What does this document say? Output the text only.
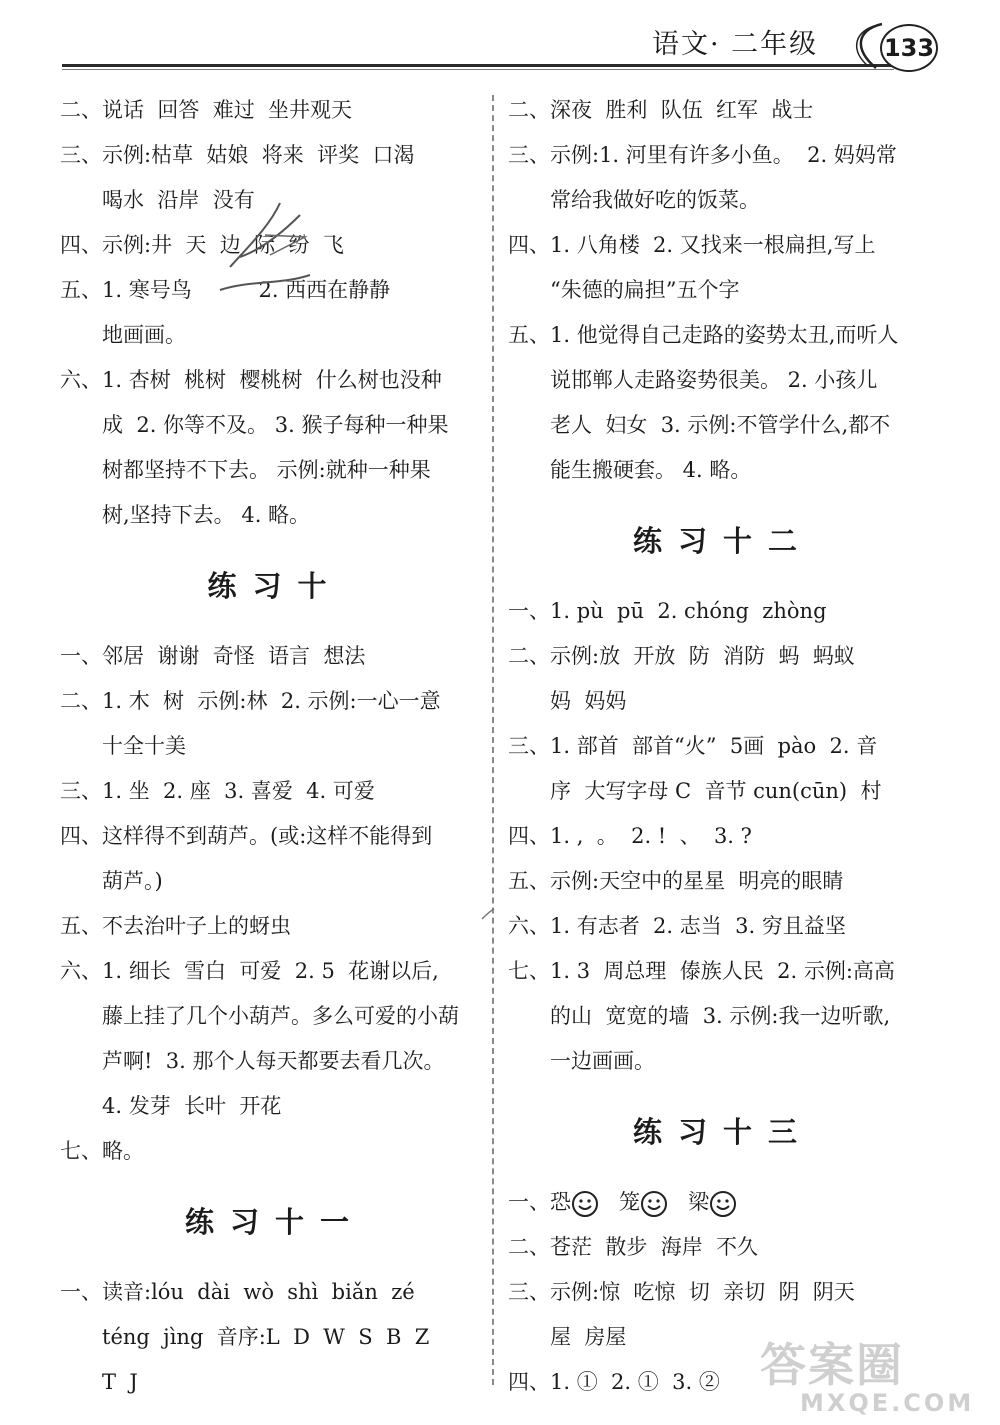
语文· 二年级	133
二、说话  回答  难过  坐井观天
三、示例:枯草  姑娘  将来  评奖  口渴
喝水  沿岸  没有
四、示例:井  天  边  际  纷  飞
五、1. 寒号鸟          2. 西西在静静
地画画。
六、1. 杏树  桃树  樱桃树  什么树也没种
成  2. 你等不及。 3. 猴子每种一种果
树都坚持不下去。 示例:就种一种果
树,坚持下去。 4. 略。
练习十
一、邻居  谢谢  奇怪  语言  想法
二、1. 木  树  示例:林  2. 示例:一心一意
十全十美
三、1. 坐  2. 座  3. 喜爱  4. 可爱
四、这样得不到葫芦。(或:这样不能得到
葫芦。)
五、不去治叶子上的蚜虫
六、1. 细长  雪白  可爱  2. 5  花谢以后,
藤上挂了几个小葫芦。多么可爱的小葫
芦啊!  3. 那个人每天都要去看几次。
4. 发芽  长叶  开花
七、略。
练习十一
一、读音:lóu  dài  wò  shì  biǎn  zé
téng  jìng  音序:L  D  W  S  B  Z
T  J
二、深夜  胜利  队伍  红军  战士
三、示例:1. 河里有许多小鱼。  2. 妈妈常
常给我做好吃的饭菜。
四、1. 八角楼  2. 又找来一根扁担,写上
“朱德的扁担”五个字
五、1. 他觉得自己走路的姿势太丑,而听人
说邯郸人走路姿势很美。 2. 小孩儿
老人  妇女  3. 示例:不管学什么,都不
能生搬硬套。 4. 略。
练习十二
一、1. pù  pū  2. chóng  zhòng
二、示例:放  开放  防  消防  蚂  蚂蚁
妈  妈妈
三、1. 部首  部首“火”  5画  pào  2. 音
序  大写字母 C  音节 cun(cūn)  村
四、1. ,  。  2. !  、  3. ?
五、示例:天空中的星星  明亮的眼睛
六、1. 有志者  2. 志当  3. 穷且益坚
七、1. 3  周总理  傣族人民  2. 示例:高高
的山  宽宽的墙  3. 示例:我一边听歌,
一边画画。
练习十三
一、恐 笼 梁
二、苍茫  散步  海岸  不久
三、示例:惊  吃惊  切  亲切  阴  阴天
屋  房屋
四、1. ①  2. ①  3. ② 答案圈
MXQE.COM
